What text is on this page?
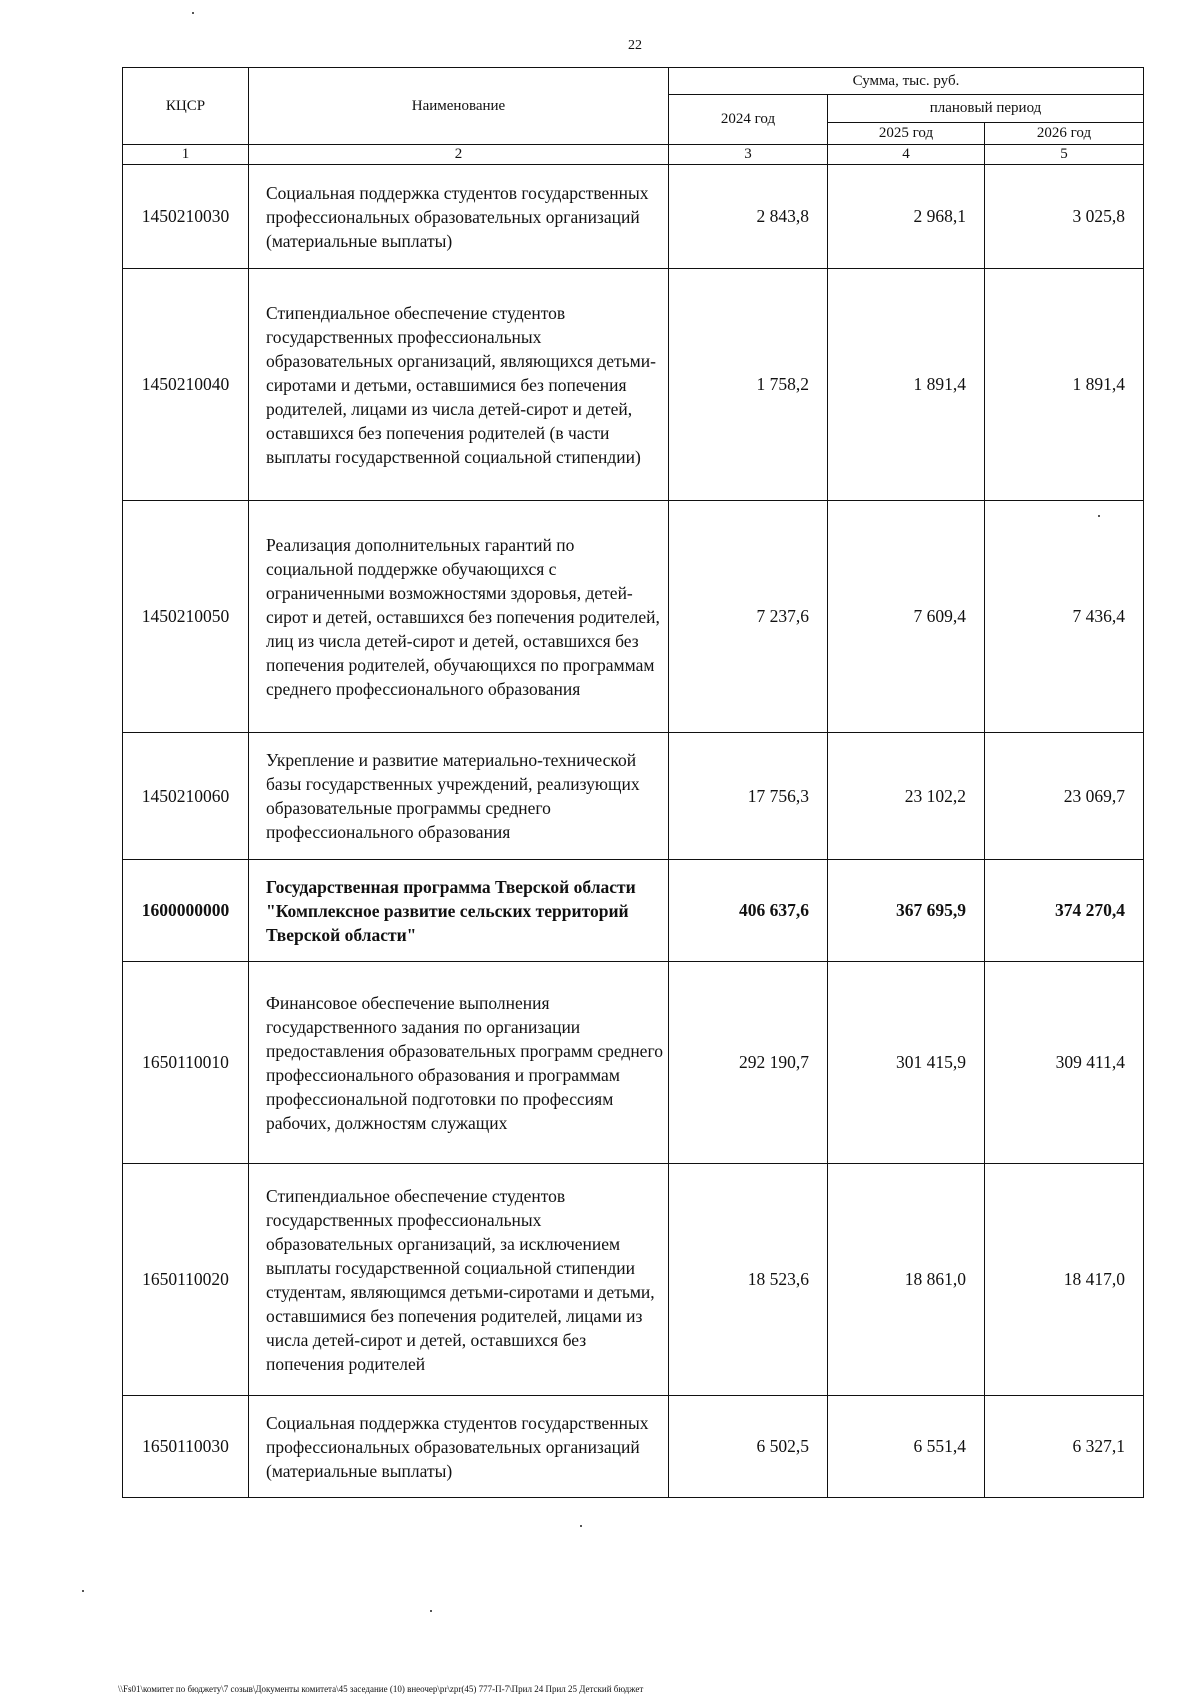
22
КЦСР	Наименование	Сумма, тыс. руб.		
		2024 год	плановый период	
			2025 год	2026 год
1	2	3	4	5
1450210030	Социальная поддержка студентов государственных профессиональных образовательных организаций (материальные выплаты)	2 843,8	2 968,1	3 025,8
1450210040	Стипендиальное обеспечение студентов государственных профессиональных образовательных организаций, являющихся детьми-сиротами и детьми, оставшимися без попечения родителей, лицами из числа детей-сирот и детей, оставшихся без попечения родителей (в части выплаты государственной социальной стипендии)	1 758,2	1 891,4	1 891,4
1450210050	Реализация дополнительных гарантий по социальной поддержке обучающихся с ограниченными возможностями здоровья, детей-сирот и детей, оставшихся без попечения родителей, лиц из числа детей-сирот и детей, оставшихся без попечения родителей, обучающихся по программам среднего профессионального образования	7 237,6	7 609,4	7 436,4
1450210060	Укрепление и развитие материально-технической базы государственных учреждений, реализующих образовательные программы среднего профессионального образования	17 756,3	23 102,2	23 069,7
1600000000	Государственная программа Тверской области "Комплексное развитие сельских территорий Тверской области"	406 637,6	367 695,9	374 270,4
1650110010	Финансовое обеспечение выполнения государственного задания по организации предоставления образовательных программ среднего профессионального образования и программам профессиональной подготовки по профессиям рабочих, должностям служащих	292 190,7	301 415,9	309 411,4
1650110020	Стипендиальное обеспечение студентов государственных профессиональных образовательных организаций, за исключением выплаты государственной социальной стипендии студентам, являющимся детьми-сиротами и детьми, оставшимися без попечения родителей, лицами из числа детей-сирот и детей, оставшихся без попечения родителей	18 523,6	18 861,0	18 417,0
1650110030	Социальная поддержка студентов государственных профессиональных образовательных организаций (материальные выплаты)	6 502,5	6 551,4	6 327,1
\\Fs01\комитет по бюджету\7 созыв\Документы комитета\45 заседание (10) внеочер\pr\zpr(45) 777-П-7\Прил 24 Прил 25 Детский бюджет
